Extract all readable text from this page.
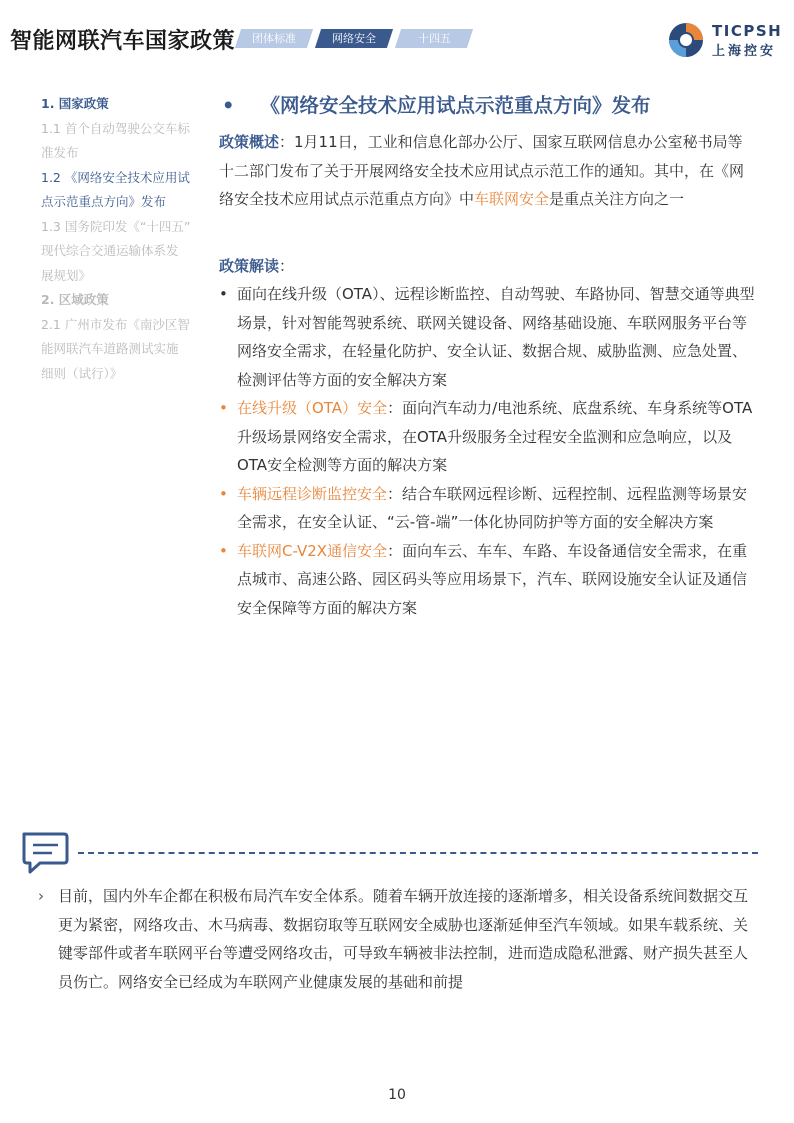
智能网联汽车国家政策	团体标准	网络安全	十四五	TICPSH
上海控安
1. 国家政策
1.1 首个自动驾驶公交车标
准发布
1.2 《网络安全技术应用试
点示范重点方向》发布
1.3 国务院印发《“十四五”
现代综合交通运输体系发
展规划》
2. 区域政策
2.1 广州市发布《南沙区智
能网联汽车道路测试实施
细则（试行）》
• 《网络安全技术应用试点示范重点方向》发布
政策概述：1月11日，工业和信息化部办公厅、国家互联网信息办公室秘书局等十二部门发布了关于开展网络安全技术应用试点示范工作的通知。其中，在《网络安全技术应用试点示范重点方向》中车联网安全是重点关注方向之一
政策解读：
• 面向在线升级（OTA）、远程诊断监控、自动驾驶、车路协同、智慧交通等典型场景，针对智能驾驶系统、联网关键设备、网络基础设施、车联网服务平台等网络安全需求，在轻量化防护、安全认证、数据合规、威胁监测、应急处置、检测评估等方面的安全解决方案
• 在线升级（OTA）安全：面向汽车动力/电池系统、底盘系统、车身系统等OTA升级场景网络安全需求，在OTA升级服务全过程安全监测和应急响应，以及OTA安全检测等方面的解决方案
• 车辆远程诊断监控安全：结合车联网远程诊断、远程控制、远程监测等场景安全需求，在安全认证、“云-管-端”一体化协同防护等方面的安全解决方案
• 车联网C-V2X通信安全：面向车云、车车、车路、车设备通信安全需求，在重点城市、高速公路、园区码头等应用场景下，汽车、联网设施安全认证及通信安全保障等方面的解决方案
› 目前，国内外车企都在积极布局汽车安全体系。随着车辆开放连接的逐渐增多，相关设备系统间数据交互更为紧密，网络攻击、木马病毒、数据窃取等互联网安全威胁也逐渐延伸至汽车领域。如果车载系统、关键零部件或者车联网平台等遭受网络攻击，可导致车辆被非法控制，进而造成隐私泄露、财产损失甚至人员伤亡。网络安全已经成为车联网产业健康发展的基础和前提
10
